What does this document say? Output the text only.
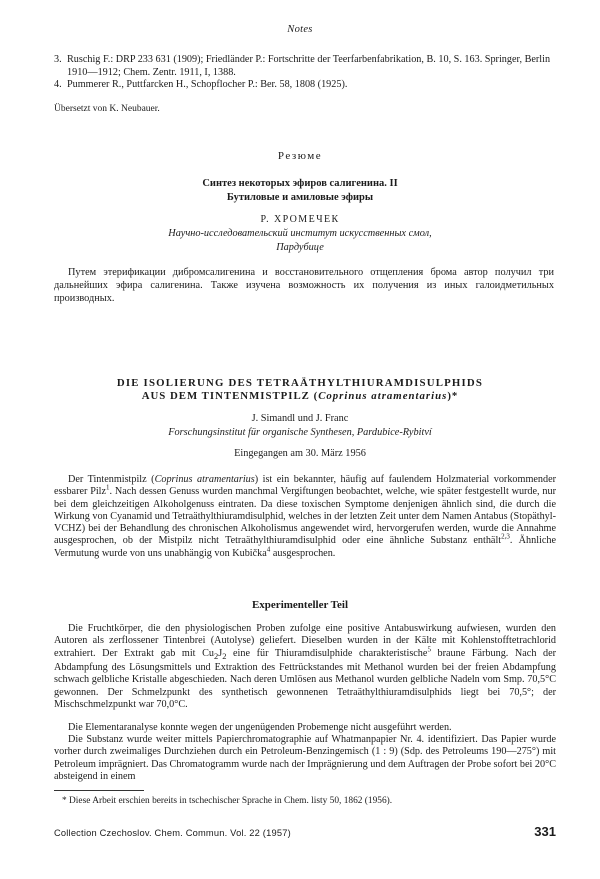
Notes
3. Ruschig F.: DRP 233 631 (1909); Friedländer P.: Fortschritte der Teerfarbenfabrikation, B. 10, S. 163. Springer, Berlin 1910—1912; Chem. Zentr. 1911, I, 1388.
4. Pummerer R., Puttfarcken H., Schopflocher P.: Ber. 58, 1808 (1925).
Übersetzt von K. Neubauer.
Резюме
Синтез некоторых эфиров салигенина. II
Бутиловые и амиловые эфиры
Р. ХРОМЕЧЕК
Научно-исследовательский институт искусственных смол,
Пардубице
Путем этерификации дибромсалигенина и восстановительного отщепления брома автор получил три дальнейших эфира салигенина. Также изучена возможность их получения из иных галоидметильных производных.
DIE ISOLIERUNG DES TETRAÄTHYLTHIURAMDISULPHIDS
AUS DEM TINTENMISTPILZ (Coprinus atramentarius)*
J. Simandl und J. Franc
Forschungsinstitut für organische Synthesen, Pardubice-Rybitví
Eingegangen am 30. März 1956
Der Tintenmistpilz (Coprinus atramentarius) ist ein bekannter, häufig auf faulendem Holzmaterial vorkommender essbarer Pilz$^1$. Nach dessen Genuss wurden manchmal Vergiftungen beobachtet, welche, wie später festgestellt wurde, nur bei dem gleichzeitigen Alkoholgenuss eintraten. Da diese toxischen Symptome denjenigen ähnlich sind, die durch die Wirkung von Cyanamid und Tetraäthylthiuramdisulphid, welches in der letzten Zeit unter dem Namen Antabus (Stopäthyl-VCHZ) bei der Behandlung des chronischen Alkoholismus angewendet wird, hervorgerufen werden, wurde die Annahme ausgesprochen, ob der Mistpilz nicht Tetraäthylthiuramdisulphid oder eine ähnliche Substanz enthält$^{2,3}$. Ähnliche Vermutung wurde von uns unabhängig von Kubička$^4$ ausgesprochen.
Experimenteller Teil
Die Fruchtkörper, die den physiologischen Proben zufolge eine positive Antabuswirkung aufwiesen, wurden den Autoren als zerflossener Tintenbrei (Autolyse) geliefert. Dieselben wurden in der Kälte mit Kohlenstofftetrachlorid extrahiert. Der Extrakt gab mit $Cu_2J_2$ eine für Thiuramdisulphide charakteristische$^5$ braune Färbung. Nach der Abdampfung des Lösungsmittels und Extraktion des Fettrückstandes mit Methanol wurden bei der freien Abdampfung schwach gelbliche Kristalle abgeschieden. Nach deren Umlösen aus Methanol wurden gelbliche Nadeln vom Smp. 70,5°C gewonnen. Der Schmelzpunkt des synthetisch gewonnenen Tetraäthylthiuramdisulphids liegt bei 70,5°; der Mischschmelzpunkt war 70,0°C.
Die Elementaranalyse konnte wegen der ungenügenden Probemenge nicht ausgeführt werden.
Die Substanz wurde weiter mittels Papierchromatographie auf Whatmanpapier Nr. 4. identifiziert. Das Papier wurde vorher durch zweimaliges Durchziehen durch ein Petroleum-Benzingemisch (1 : 9) (Sdp. des Petroleums 190—275°) mit Petroleum imprägniert. Das Chromatogramm wurde nach der Imprägnierung und dem Auftragen der Probe sofort bei 20°C absteigend in einem
* Diese Arbeit erschien bereits in tschechischer Sprache in Chem. listy 50, 1862 (1956).
Collection Czechoslov. Chem. Commun. Vol. 22 (1957)	331
